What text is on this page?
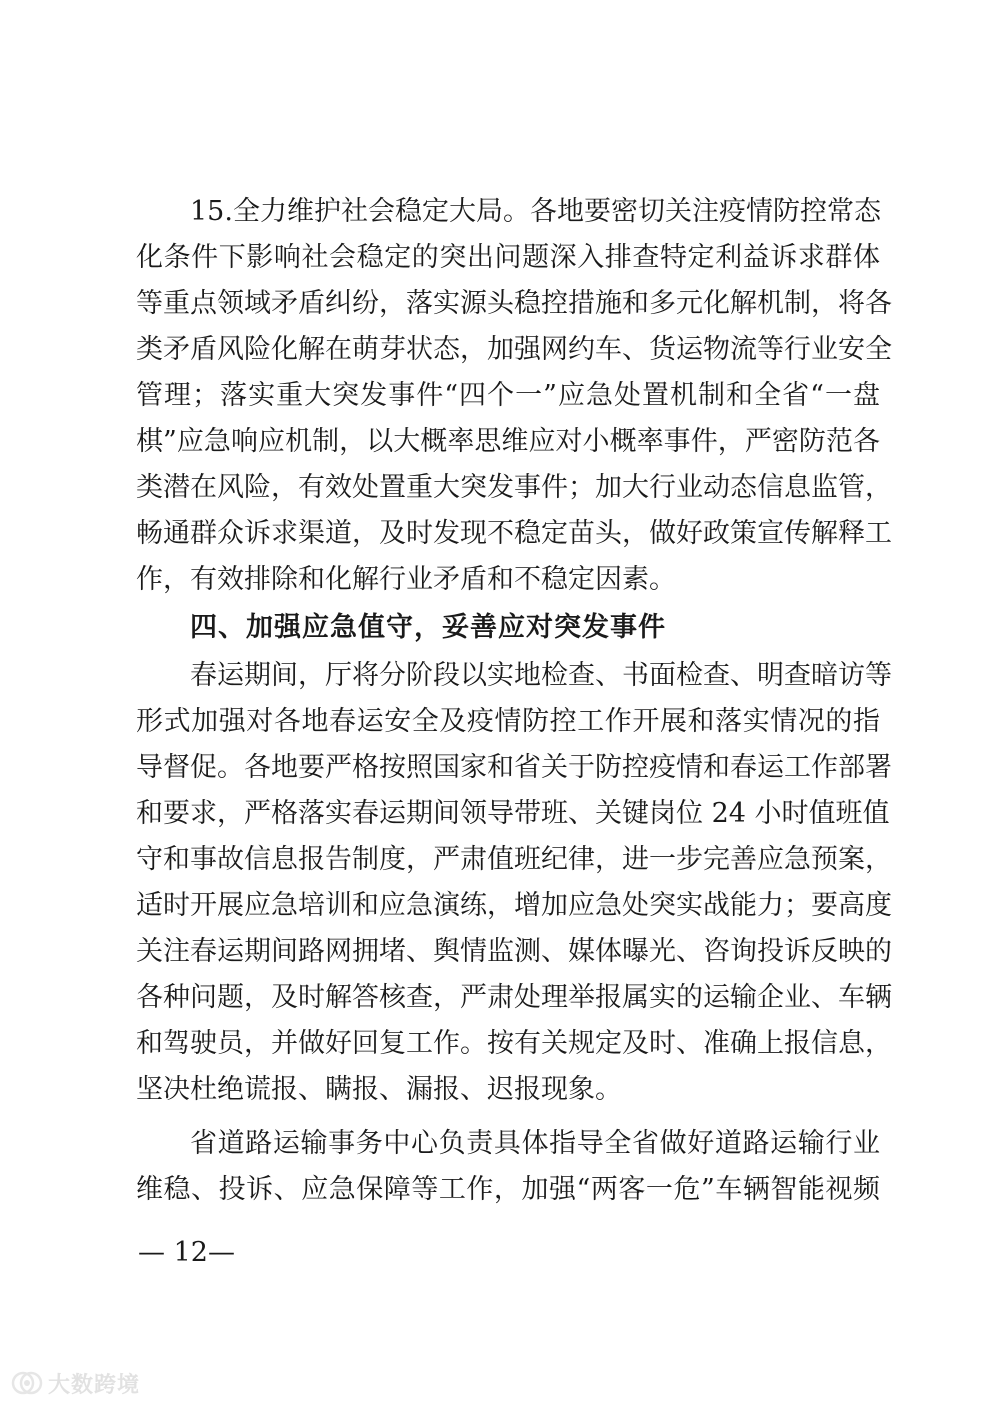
15.全力维护社会稳定大局。各地要密切关注疫情防控常态
化条件下影响社会稳定的突出问题深入排查特定利益诉求群体
等重点领域矛盾纠纷，落实源头稳控措施和多元化解机制，将各
类矛盾风险化解在萌芽状态，加强网约车、货运物流等行业安全
管理；落实重大突发事件“四个一”应急处置机制和全省“一盘
棋”应急响应机制，以大概率思维应对小概率事件，严密防范各
类潜在风险，有效处置重大突发事件；加大行业动态信息监管，
畅通群众诉求渠道，及时发现不稳定苗头，做好政策宣传解释工
作，有效排除和化解行业矛盾和不稳定因素。
四、加强应急值守，妥善应对突发事件
春运期间，厅将分阶段以实地检查、书面检查、明查暗访等
形式加强对各地春运安全及疫情防控工作开展和落实情况的指
导督促。各地要严格按照国家和省关于防控疫情和春运工作部署
和要求，严格落实春运期间领导带班、关键岗位 24 小时值班值
守和事故信息报告制度，严肃值班纪律，进一步完善应急预案，
适时开展应急培训和应急演练，增加应急处突实战能力；要高度
关注春运期间路网拥堵、舆情监测、媒体曝光、咨询投诉反映的
各种问题，及时解答核查，严肃处理举报属实的运输企业、车辆
和驾驶员，并做好回复工作。按有关规定及时、准确上报信息，
坚决杜绝谎报、瞒报、漏报、迟报现象。
省道路运输事务中心负责具体指导全省做好道路运输行业
维稳、投诉、应急保障等工作，加强“两客一危”车辆智能视频
— 12—
大数跨境
